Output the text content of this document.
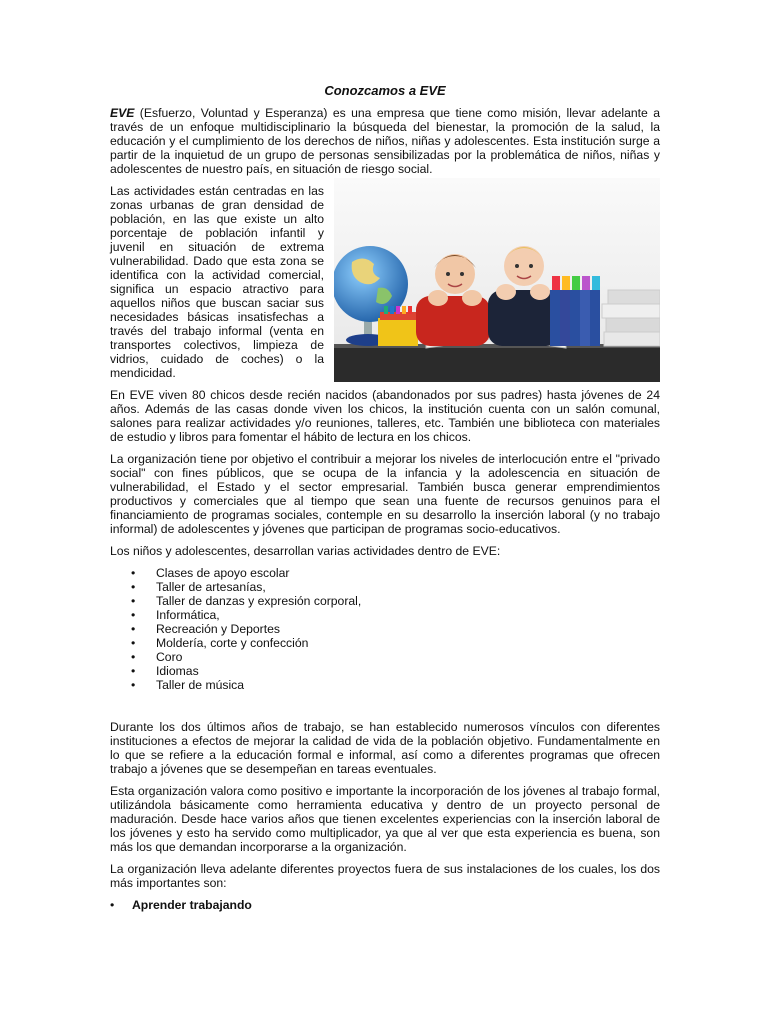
Conozcamos a EVE

EVE (Esfuerzo, Voluntad y Esperanza) es una empresa que tiene como misión, llevar adelante a través de un enfoque multidisciplinario la búsqueda del bienestar, la promoción de la salud, la educación y el cumplimiento de los derechos de niños, niñas y adolescentes. Esta institución surge a partir de la inquietud de un grupo de personas sensibilizadas por la problemática de niños, niñas y adolescentes de nuestro país, en situación de riesgo social.

Las actividades están centradas en las zonas urbanas de gran densidad de población, en las que existe un alto porcentaje de población infantil y juvenil en situación de extrema vulnerabilidad. Dado que esta zona se identifica con la actividad comercial, significa un espacio atractivo para aquellos niños que buscan saciar sus necesidades básicas insatisfechas a través del trabajo informal (venta en transportes colectivos, limpieza de vidrios, cuidado de coches) o la mendicidad.

En EVE viven 80 chicos desde recién nacidos (abandonados por sus padres) hasta jóvenes de 24 años. Además de las casas donde viven los chicos, la institución cuenta con un salón comunal, salones para realizar actividades y/o reuniones, talleres, etc. También une biblioteca con materiales de estudio y libros para fomentar el hábito de lectura en los chicos.

La organización tiene por objetivo el contribuir a mejorar los niveles de interlocución entre el "privado social" con fines públicos, que se ocupa de la infancia y la adolescencia en situación de vulnerabilidad, el Estado y el sector empresarial. También busca generar emprendimientos productivos y comerciales que al tiempo que sean una fuente de recursos genuinos para el financiamiento de programas sociales, contemple en su desarrollo la inserción laboral (y no trabajo informal) de adolescentes y jóvenes que participan de programas socio-educativos.

Los niños y adolescentes, desarrollan varias actividades dentro de EVE:

• Clases de apoyo escolar
• Taller de artesanías,
• Taller de danzas y expresión corporal,
• Informática,
• Recreación y Deportes
• Moldería, corte y confección
• Coro
• Idiomas
• Taller de música

Durante los dos últimos años de trabajo, se han establecido numerosos vínculos con diferentes instituciones a efectos de mejorar la calidad de vida de la población objetivo. Fundamentalmente en lo que se refiere a la educación formal e informal, así como a diferentes programas que ofrecen trabajo a jóvenes que se desempeñan en tareas eventuales.

Esta organización valora como positivo e importante la incorporación de los jóvenes al trabajo formal, utilizándola básicamente como herramienta educativa y dentro de un proyecto personal de maduración. Desde hace varios años que tienen excelentes experiencias con la inserción laboral de los jóvenes y esto ha servido como multiplicador, ya que al ver que esta experiencia es buena, son más los que demandan incorporarse a la organización.

La organización lleva adelante diferentes proyectos fuera de sus instalaciones de los cuales, los dos más importantes son:

• Aprender trabajando
